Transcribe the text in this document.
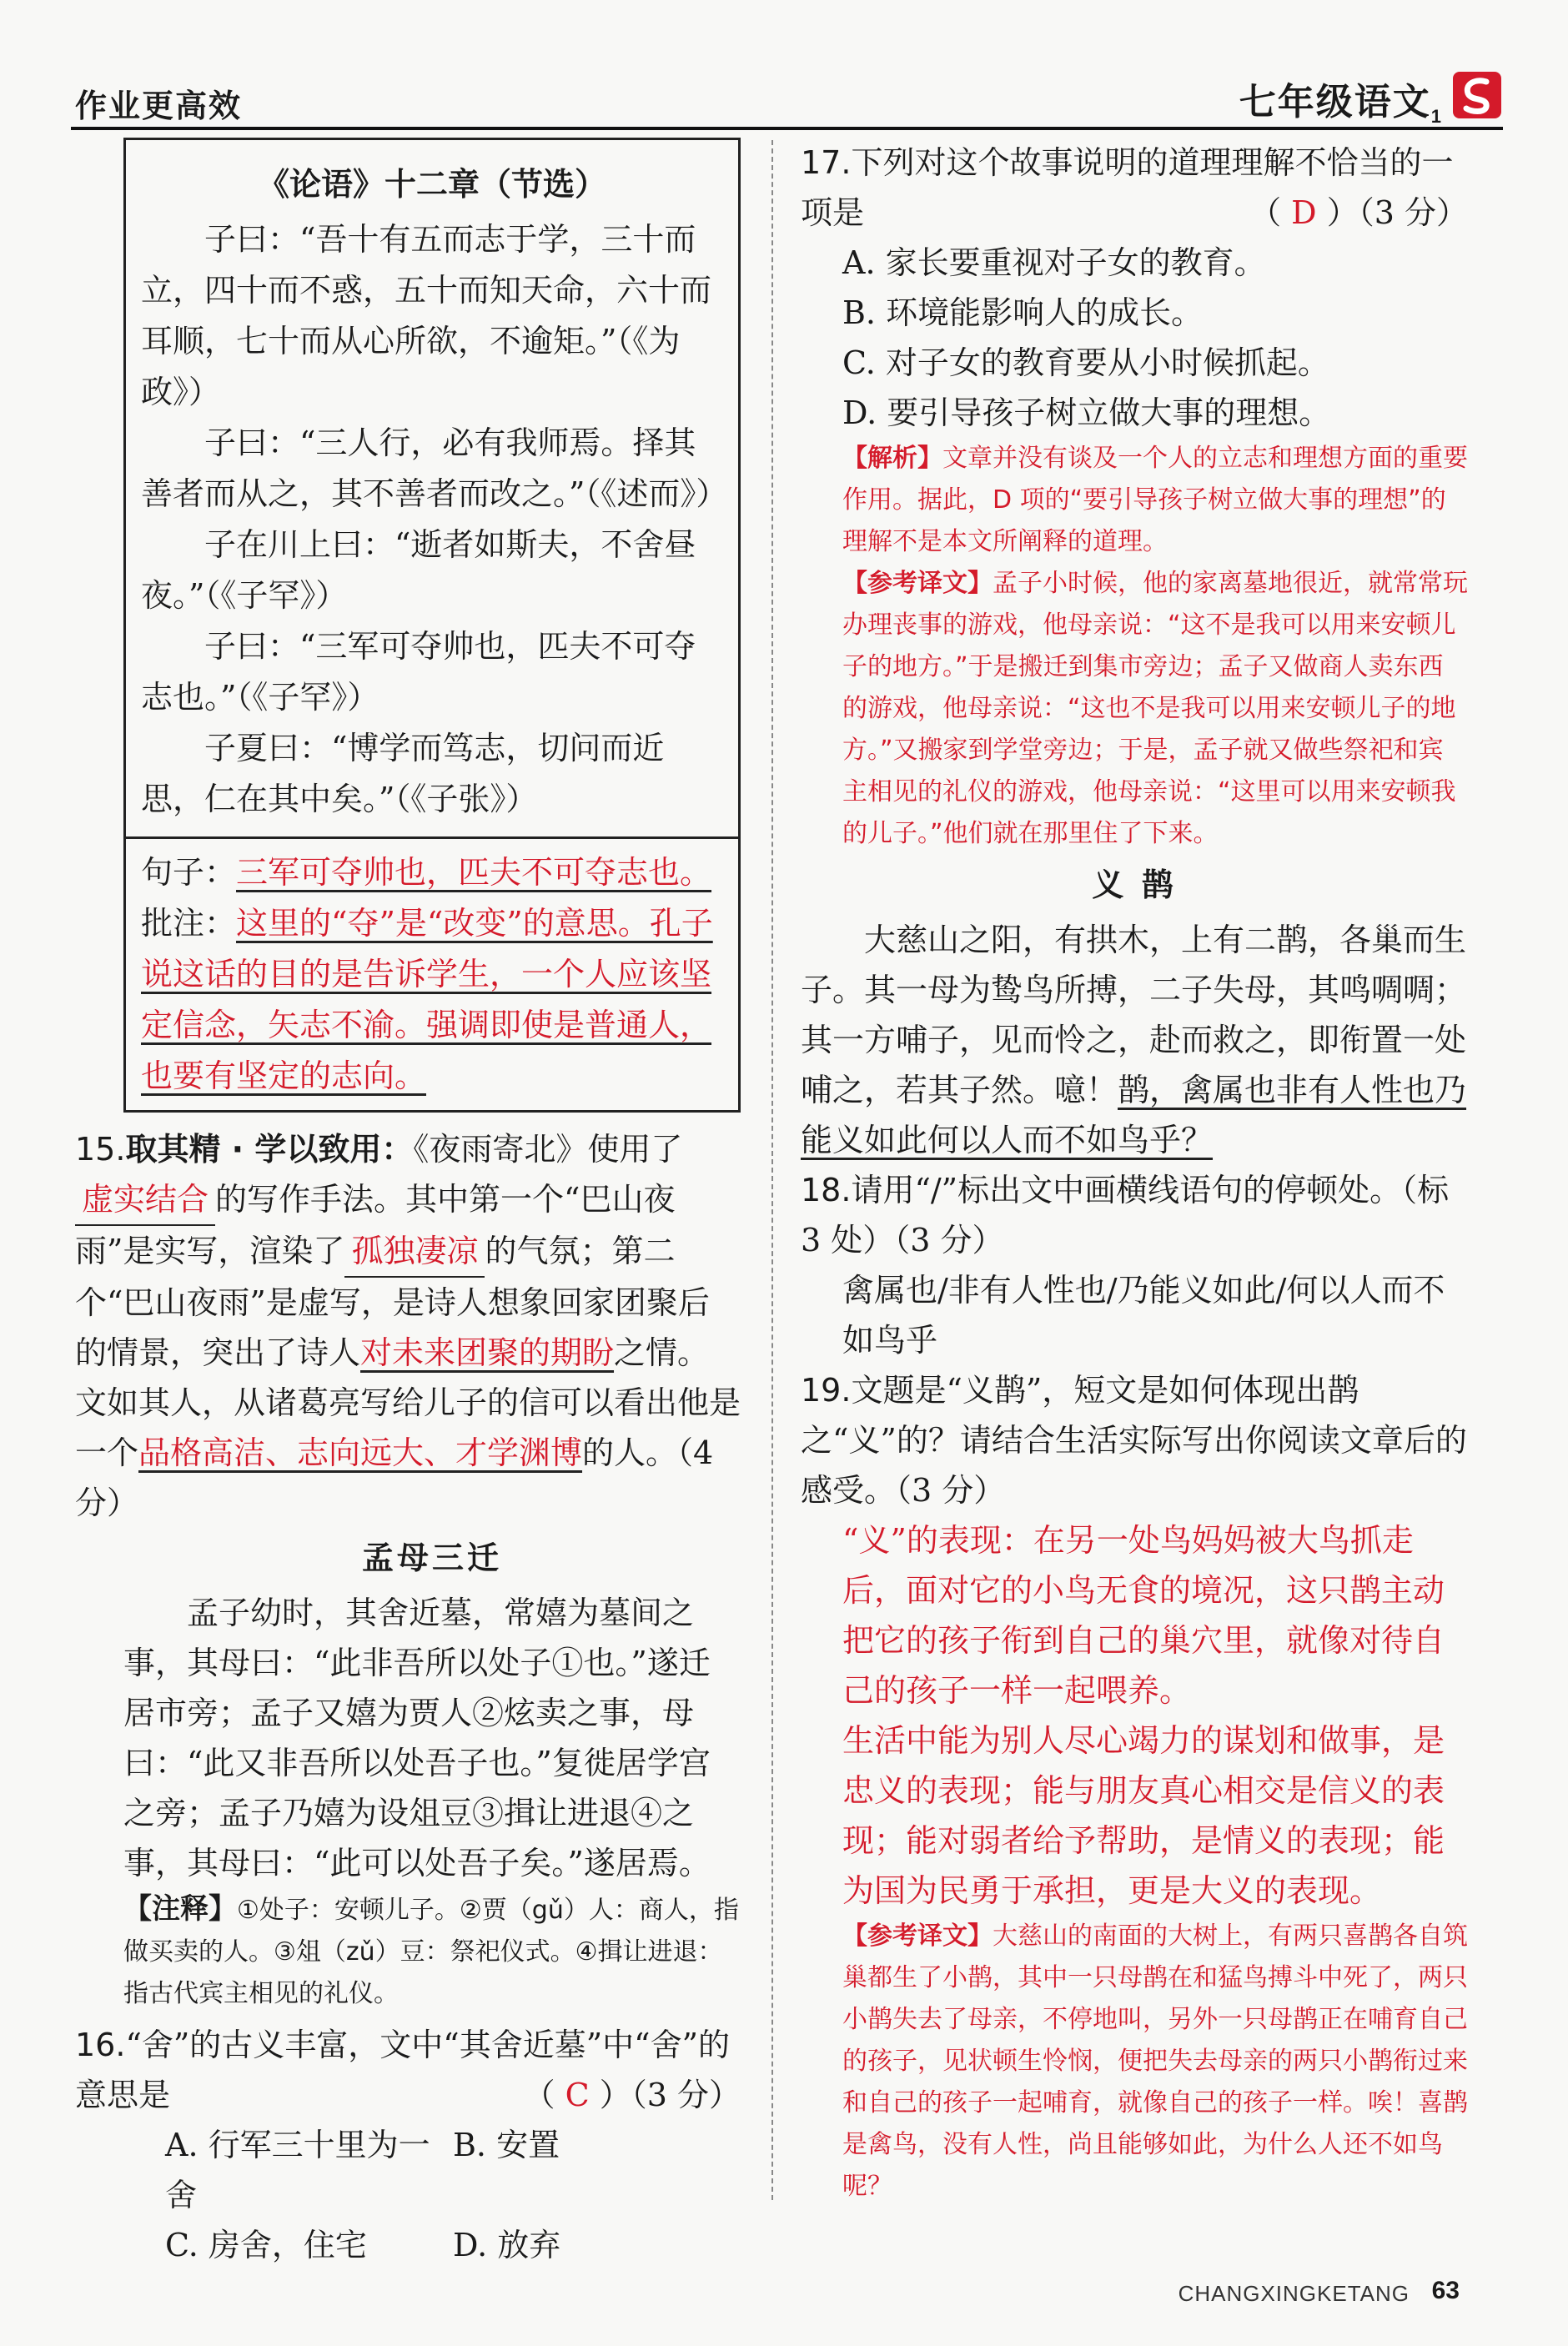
作业更高效	七年级语文$_1$
《论语》十二章（节选）

子曰：“吾十有五而志于学，三十而立，四十而不惑，五十而知天命，六十而耳顺，七十而从心所欲，不逾矩。”（《为政》）

子曰：“三人行，必有我师焉。择其善者而从之，其不善者而改之。”（《述而》）

子在川上曰：“逝者如斯夫，不舍昼夜。”（《子罕》）

子曰：“三军可夺帅也，匹夫不可夺志也。”（《子罕》）

子夏曰：“博学而笃志，切问而近思，仁在其中矣。”（《子张》）

句子：三军可夺帅也，匹夫不可夺志也。
批注：这里的“夺”是“改变”的意思。孔子说这话的目的是告诉学生，一个人应该坚定信念，矢志不渝。强调即使是普通人，也要有坚定的志向。

15.取其精 · 学以致用：《夜雨寄北》使用了虚实结合 的写作手法。其中第一个“巴山夜雨”是实写，渲染了 孤独凄凉 的气氛；第二个“巴山夜雨”是虚写，是诗人想象回家团聚后的情景，突出了诗人对未来团聚的期盼之情。文如其人，从诸葛亮写给儿子的信可以看出他是一个品格高洁、志向远大、才学渊博的人。（4 分）

孟母三迁

孟子幼时，其舍近墓，常嬉为墓间之事，其母曰：“此非吾所以处子①也。”遂迁居市旁；孟子又嬉为贾人②炫卖之事，母曰：“此又非吾所以处吾子也。”复徙居学宫之旁；孟子乃嬉为设俎豆③揖让进退④之事，其母曰：“此可以处吾子矣。”遂居焉。

【注释】①处子：安顿儿子。②贾（gǔ）人：商人，指做买卖的人。③俎（zǔ）豆：祭祀仪式。④揖让进退：指古代宾主相见的礼仪。

16.“舍”的古义丰富，文中“其舍近墓”中“舍”的意思是	（ C ）（3 分）

A. 行军三十里为一舍
B. 安置

C. 房舍，住宅	D. 放弃

17.下列对这个故事说明的道理理解不恰当的一项是	（ D ）（3 分）

A. 家长要重视对子女的教育。

B. 环境能影响人的成长。

C. 对子女的教育要从小时候抓起。

D. 要引导孩子树立做大事的理想。

【解析】文章并没有谈及一个人的立志和理想方面的重要作用。据此，D 项的“要引导孩子树立做大事的理想”的理解不是本文所阐释的道理。

【参考译文】孟子小时候，他的家离墓地很近，就常常玩办理丧事的游戏，他母亲说：“这不是我可以用来安顿儿子的地方。”于是搬迁到集市旁边；孟子又做商人卖东西的游戏，他母亲说：“这也不是我可以用来安顿儿子的地方。”又搬家到学堂旁边；于是，孟子就又做些祭祀和宾主相见的礼仪的游戏，他母亲说：“这里可以用来安顿我的儿子。”他们就在那里住了下来。

义 鹊

大慈山之阳，有拱木，上有二鹊，各巢而生子。其一母为鸷鸟所搏，二子失母，其鸣啁啁；其一方哺子，见而怜之，赴而救之，即衔置一处哺之，若其子然。噫！鹊，禽属也非有人性也乃能义如此何以人而不如鸟乎？

18.请用“/”标出文中画横线语句的停顿处。（标 3 处）（3 分）

禽属也/非有人性也/乃能义如此/何以人而不如鸟乎

19.文题是“义鹊”，短文是如何体现出鹊之“义”的？请结合生活实际写出你阅读文章后的感受。（3 分）

“义”的表现：在另一处鸟妈妈被大鸟抓走后，面对它的小鸟无食的境况，这只鹊主动把它的孩子衔到自己的巢穴里，就像对待自己的孩子一样一起喂养。

生活中能为别人尽心竭力的谋划和做事，是忠义的表现；能与朋友真心相交是信义的表现；能对弱者给予帮助，是情义的表现；能为国为民勇于承担，更是大义的表现。

【参考译文】大慈山的南面的大树上，有两只喜鹊各自筑巢都生了小鹊，其中一只母鹊在和猛鸟搏斗中死了，两只小鹊失去了母亲，不停地叫，另外一只母鹊正在哺育自己的孩子，见状顿生怜悯，便把失去母亲的两只小鹊衔过来和自己的孩子一起哺育，就像自己的孩子一样。唉！喜鹊是禽鸟，没有人性，尚且能够如此，为什么人还不如鸟呢？

CHANGXINGKETANG 63
